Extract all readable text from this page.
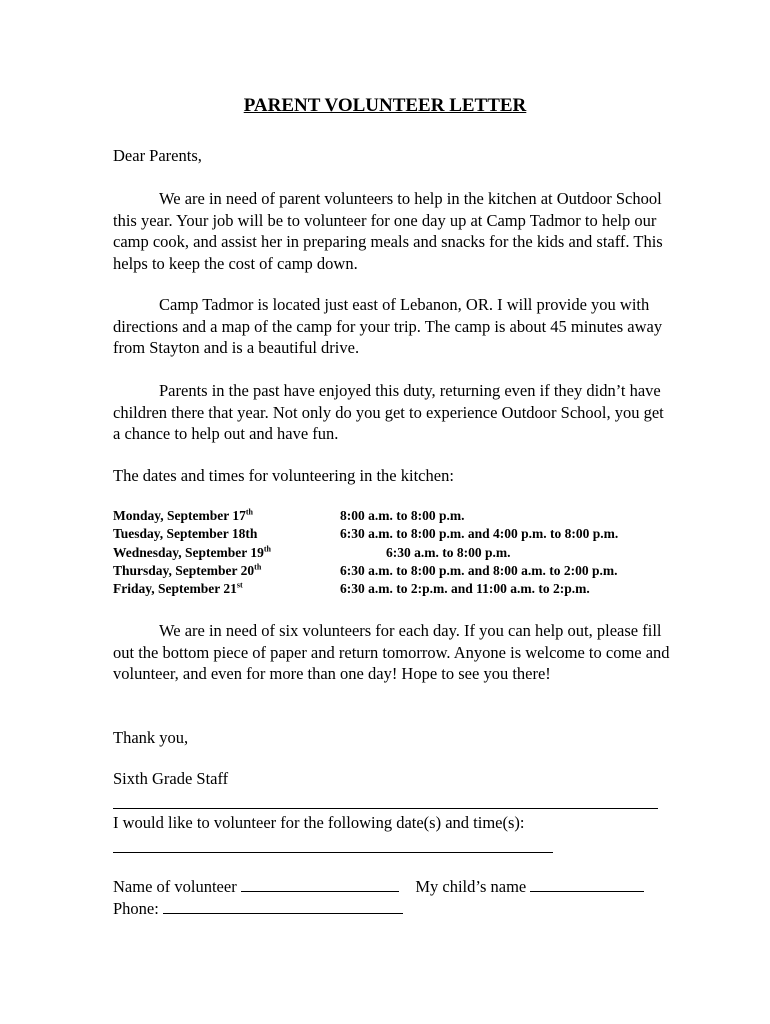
PARENT VOLUNTEER LETTER
Dear Parents,

We are in need of parent volunteers to help in the kitchen at Outdoor School this year. Your job will be to volunteer for one day up at Camp Tadmor to help our camp cook, and assist her in preparing meals and snacks for the kids and staff. This helps to keep the cost of camp down.

Camp Tadmor is located just east of Lebanon, OR. I will provide you with directions and a map of the camp for your trip. The camp is about 45 minutes away from Stayton and is a beautiful drive.

Parents in the past have enjoyed this duty, returning even if they didn’t have children there that year. Not only do you get to experience Outdoor School, you get a chance to help out and have fun.

The dates and times for volunteering in the kitchen:

Monday, September 17th	8:00 a.m. to 8:00 p.m.
Tuesday, September 18th	6:30 a.m. to 8:00 p.m. and 4:00 p.m. to 8:00 p.m.
Wednesday, September 19th	6:30 a.m. to 8:00 p.m.
Thursday, September 20th	6:30 a.m. to 8:00 p.m. and 8:00 a.m. to 2:00 p.m.
Friday, September 21st	6:30 a.m. to 2:p.m. and 11:00 a.m. to 2:p.m.

We are in need of six volunteers for each day. If you can help out, please fill out the bottom piece of paper and return tomorrow. Anyone is welcome to come and volunteer, and even for more than one day! Hope to see you there!

Thank you,

Sixth Grade Staff

I would like to volunteer for the following date(s) and time(s):
Name of volunteer	My child’s name
Phone:
